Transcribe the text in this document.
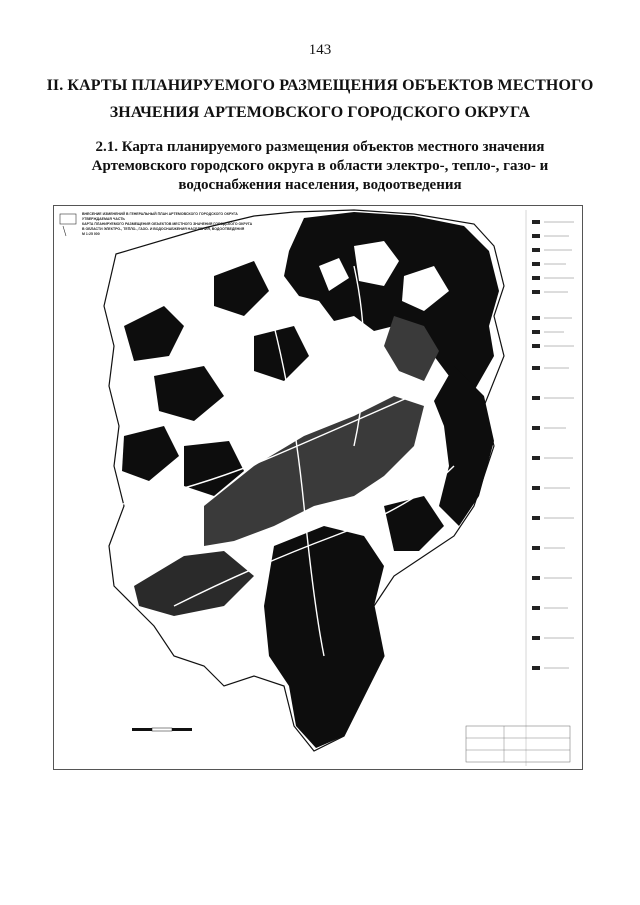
143
II. КАРТЫ ПЛАНИРУЕМОГО РАЗМЕЩЕНИЯ ОБЪЕКТОВ МЕСТНОГО
ЗНАЧЕНИЯ АРТЕМОВСКОГО ГОРОДСКОГО ОКРУГА
2.1. Карта планируемого размещения объектов местного значения
Артемовского городского округа в области электро-, тепло-, газо- и
водоснабжения населения, водоотведения
ВНЕСЕНИЕ ИЗМЕНЕНИЙ В ГЕНЕРАЛЬНЫЙ ПЛАН АРТЕМОВСКОГО ГОРОДСКОГО ОКРУГА
УТВЕРЖДАЕМАЯ ЧАСТЬ
КАРТА ПЛАНИРУЕМОГО РАЗМЕЩЕНИЯ ОБЪЕКТОВ МЕСТНОГО ЗНАЧЕНИЯ ГОРОДСКОГО ОКРУГА
В ОБЛАСТИ ЭЛЕКТРО-, ТЕПЛО-, ГАЗО- И ВОДОСНАБЖЕНИЯ НАСЕЛЕНИЯ, ВОДООТВЕДЕНИЯ
М 1:25 000
